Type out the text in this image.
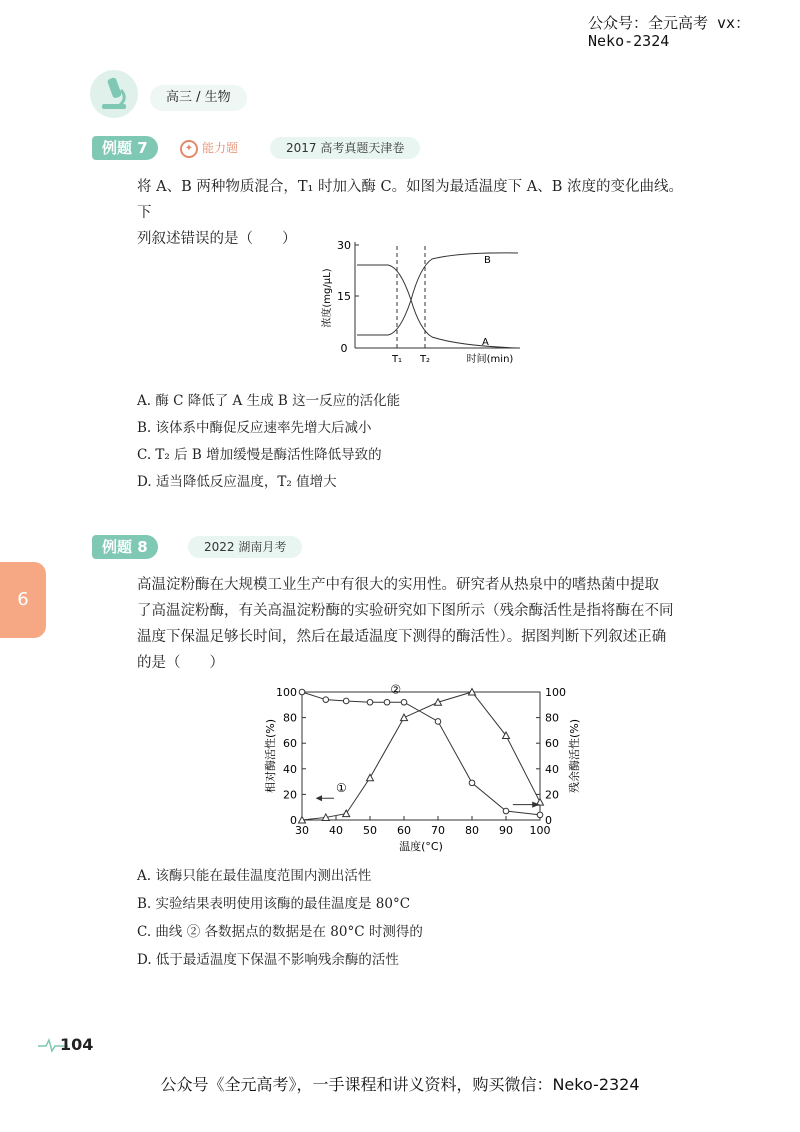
公众号：全元高考 vx：Neko-2324
高三 / 生物
例题 7	✦ 能力题	2017 高考真题天津卷
将 A、B 两种物质混合，T₁ 时加入酶 C。如图为最适温度下 A、B 浓度的变化曲线。下
列叙述错误的是（　　）	30
15
0
浓度(mg/μL)
T₁ T₂	时间(min)
B
A
A. 酶 C 降低了 A 生成 B 这一反应的活化能
B. 该体系中酶促反应速率先增大后减小
C. T₂ 后 B 增加缓慢是酶活性降低导致的
D. 适当降低反应温度，T₂ 值增大
6
例题 8	2022 湖南月考
高温淀粉酶在大规模工业生产中有很大的实用性。研究者从热泉中的嗜热菌中提取
了高温淀粉酶，有关高温淀粉酶的实验研究如下图所示（残余酶活性是指将酶在不同
温度下保温足够长时间，然后在最适温度下测得的酶活性）。据图判断下列叙述正确
的是（　　）
0	0
20	20
40	40
60	60
80	80
100	100
30 40 50 60 70 80 90 100
相对酶活性(%)	残余酶活性(%)
温度(°C)
①
②
A. 该酶只能在最佳温度范围内测出活性
B. 实验结果表明使用该酶的最佳温度是 80°C
C. 曲线 ② 各数据点的数据是在 80°C 时测得的
D. 低于最适温度下保温不影响残余酶的活性
104
公众号《全元高考》，一手课程和讲义资料，购买微信：Neko-2324
